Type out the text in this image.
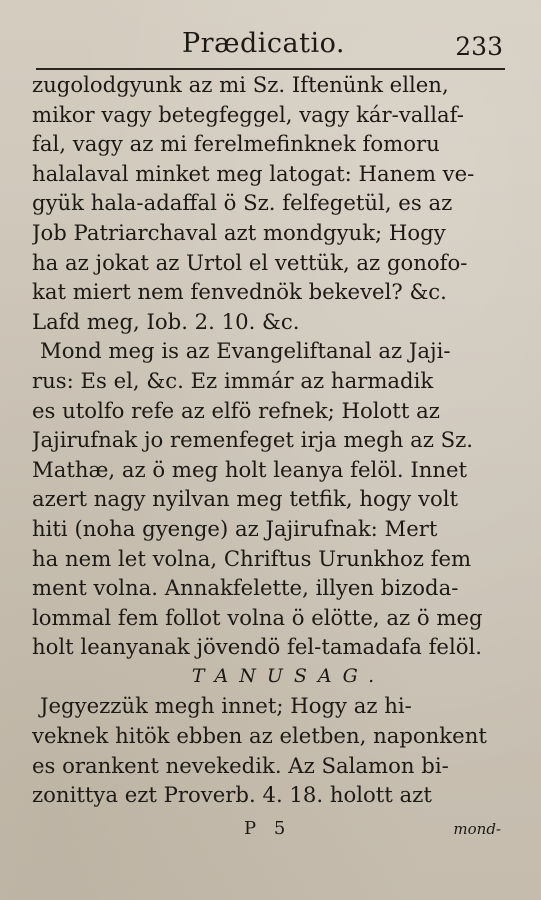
Prædicatio.	233
zugolodgyunk az mi Sz. Iftenünk ellen,
mikor vagy betegfeggel, vagy kár-vallaf-
fal, vagy az mi ferelmefinknek fomoru
halalaval minket meg latogat: Hanem ve-
gyük hala-adaffal ö Sz. felfegetül, es az
Job Patriarchaval azt mondgyuk; Hogy
ha az jokat az Urtol el vettük, az gonofo-
kat miert nem fenvednök bekevel? &c.
Lafd meg, Iob. 2. 10. &c.
Mond meg is az Evangeliftanal az Jaji-
rus: Es el, &c. Ez immár az harmadik
es utolfo refe az elfö refnek; Holott az
Jajirufnak jo remenfeget irja megh az Sz.
Mathæ, az ö meg holt leanya felöl. Innet
azert nagy nyilvan meg tetfik, hogy volt
hiti (noha gyenge) az Jajirufnak: Mert
ha nem let volna, Chriftus Urunkhoz fem
ment volna. Annakfelette, illyen bizoda-
lommal fem follot volna ö elötte, az ö meg
holt leanyanak jövendö fel-tamadafa felöl.
TANUSAG.
Jegyezzük megh innet; Hogy az hi-
veknek hitök ebben az eletben, naponkent
es orankent nevekedik. Az Salamon bi-
zonittya ezt Proverb. 4. 18. holott azt
P 5	mond-
